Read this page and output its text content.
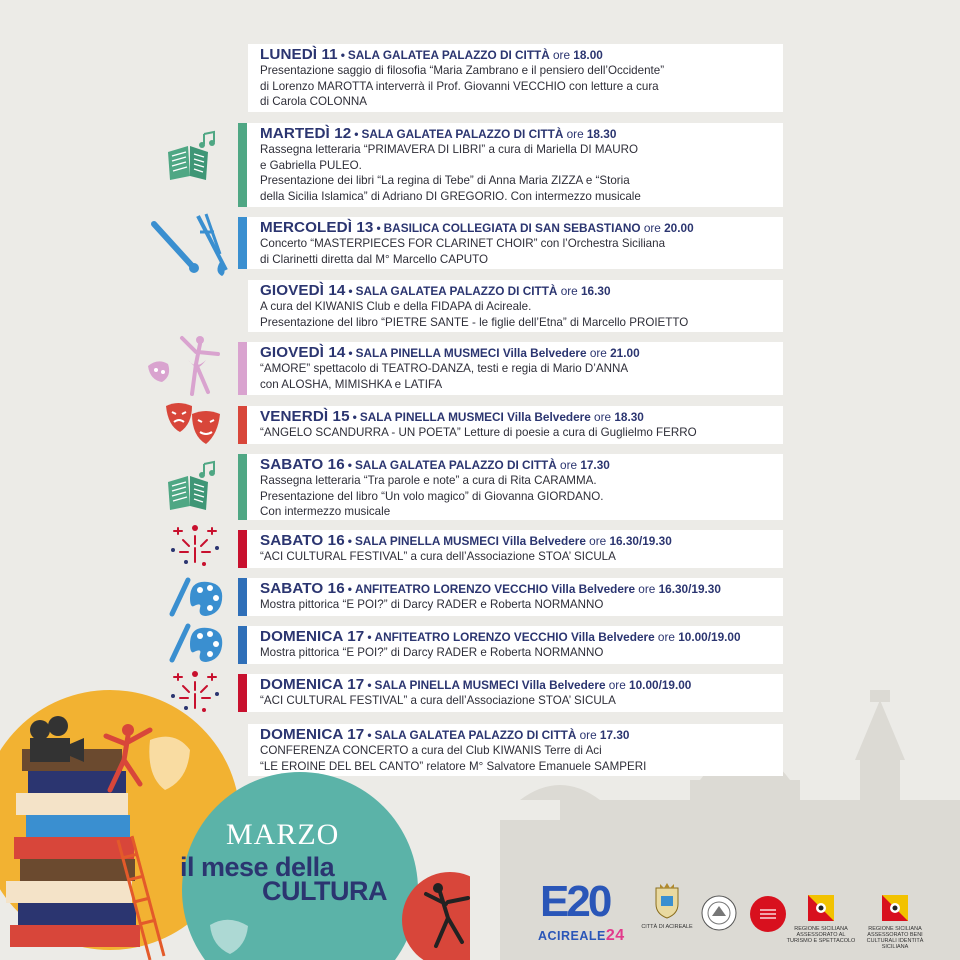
LUNEDÌ 11 • SALA GALATEA PALAZZO DI CITTÀ ore 18.00
Presentazione saggio di filosofia “Maria Zambrano e il pensiero dell’Occidente”
di Lorenzo MAROTTA interverrà il Prof. Giovanni VECCHIO con letture a cura
di Carola COLONNA
MARTEDÌ 12 • SALA GALATEA PALAZZO DI CITTÀ ore 18.30
Rassegna letteraria “PRIMAVERA DI LIBRI” a cura di Mariella DI MAURO
e Gabriella PULEO.
Presentazione dei libri “La regina di Tebe” di Anna Maria ZIZZA e “Storia
della Sicilia Islamica” di Adriano DI GREGORIO. Con intermezzo musicale
MERCOLEDÌ 13 • BASILICA COLLEGIATA DI SAN SEBASTIANO ore 20.00
Concerto “MASTERPIECES FOR CLARINET CHOIR” con l’Orchestra Siciliana
di Clarinetti diretta dal M° Marcello CAPUTO
GIOVEDÌ 14 • SALA GALATEA PALAZZO DI CITTÀ ore 16.30
A cura del KIWANIS Club e della FIDAPA di Acireale.
Presentazione del libro “PIETRE SANTE - le figlie dell’Etna” di Marcello PROIETTO
GIOVEDÌ 14 • SALA PINELLA MUSMECI Villa Belvedere ore 21.00
“AMORE” spettacolo di TEATRO-DANZA, testi e regia di Mario D’ANNA
con ALOSHA, MIMISHKA e LATIFA
VENERDÌ 15 • SALA PINELLA MUSMECI Villa Belvedere ore 18.30
“ANGELO SCANDURRA - UN POETA” Letture di poesie a cura di Guglielmo FERRO
SABATO 16 • SALA GALATEA PALAZZO DI CITTÀ ore 17.30
Rassegna letteraria “Tra parole e note” a cura di Rita CARAMMA.
Presentazione del libro “Un volo magico” di Giovanna GIORDANO.
Con intermezzo musicale
SABATO 16 • SALA PINELLA MUSMECI Villa Belvedere ore 16.30/19.30
“ACI CULTURAL FESTIVAL” a cura dell’Associazione STOA’ SICULA
SABATO 16 • ANFITEATRO LORENZO VECCHIO Villa Belvedere ore 16.30/19.30
Mostra pittorica “E POI?” di Darcy RADER e Roberta NORMANNO
DOMENICA 17 • ANFITEATRO LORENZO VECCHIO Villa Belvedere ore 10.00/19.00
Mostra pittorica “E POI?” di Darcy RADER e Roberta NORMANNO
DOMENICA 17 • SALA PINELLA MUSMECI Villa Belvedere ore 10.00/19.00
“ACI CULTURAL FESTIVAL” a cura dell’Associazione STOA’ SICULA
DOMENICA 17 • SALA GALATEA PALAZZO DI CITTÀ ore 17.30
CONFERENZA CONCERTO a cura del Club KIWANIS Terre di Aci
“LE EROINE DEL BEL CANTO” relatore M° Salvatore Emanuele SAMPERI
MARZO
il mese della
CULTURA	E20
ACIREALE24	CITTÀ DI ACIREALE	REGIONE SICILIANA ASSESSORATO AL TURISMO E SPETTACOLO
REGIONE SICILIANA ASSESSORATO BENI CULTURALI IDENTITÀ SICILIANA
